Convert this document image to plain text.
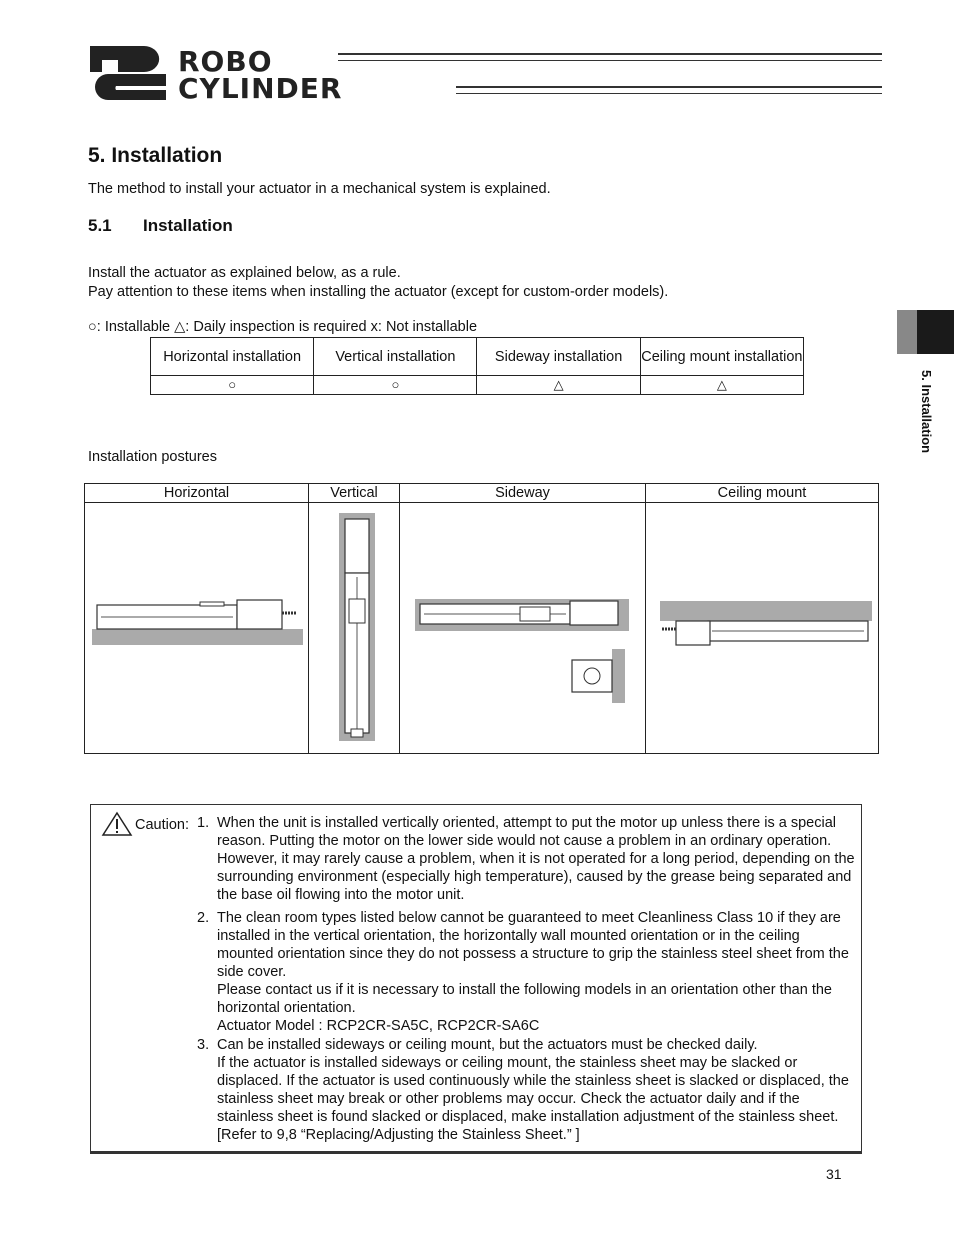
ROBO
CYLINDER
5. Installation
5. Installation

The method to install your actuator in a mechanical system is explained.

5.1 Installation

Install the actuator as explained below, as a rule.

Pay attention to these items when installing the actuator (except for custom-order models).

○: Installable △: Daily inspection is required x: Not installable

Horizontal installation	Vertical installation	Sideway installation	Ceiling mount installation
○	○	△	△

Installation postures

Horizontal	Vertical	Sideway	Ceiling mount

Caution: 1. When the unit is installed vertically oriented, attempt to put the motor up unless there is a special reason. Putting the motor on the lower side would not cause a problem in an ordinary operation. However, it may rarely cause a problem, when it is not operated for a long period, depending on the surrounding environment (especially high temperature), caused by the grease being separated and the base oil flowing into the motor unit.
2. The clean room types listed below cannot be guaranteed to meet Cleanliness Class 10 if they are installed in the vertical orientation, the horizontally wall mounted orientation or in the ceiling mounted orientation since they do not possess a structure to grip the stainless steel sheet from the side cover.
Please contact us if it is necessary to install the following models in an orientation other than the horizontal orientation.
Actuator Model : RCP2CR-SA5C, RCP2CR-SA6C
3. Can be installed sideways or ceiling mount, but the actuators must be checked daily.
If the actuator is installed sideways or ceiling mount, the stainless sheet may be slacked or displaced. If the actuator is used continuously while the stainless sheet is slacked or displaced, the stainless sheet may break or other problems may occur. Check the actuator daily and if the stainless sheet is found slacked or displaced, make installation adjustment of the stainless sheet. [Refer to 9,8 “Replacing/Adjusting the Stainless Sheet.” ]
31
